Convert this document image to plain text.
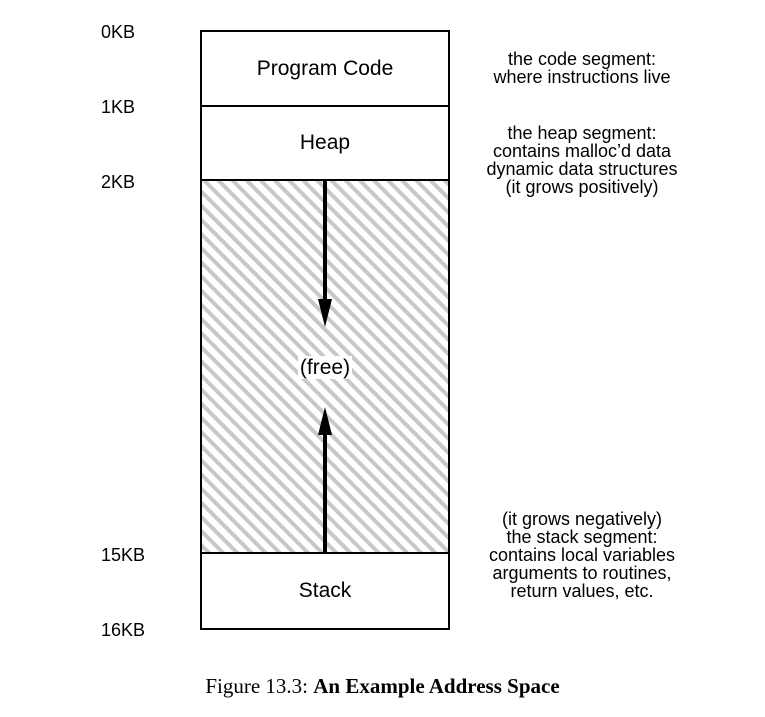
0KB
1KB
2KB
15KB
16KB
Program Code
Heap
(free)
Stack
the code segment:
where instructions live
the heap segment:
contains malloc’d data
dynamic data structures
(it grows positively)
(it grows negatively)
the stack segment:
contains local variables
arguments to routines,
return values, etc.
Figure 13.3: An Example Address Space
